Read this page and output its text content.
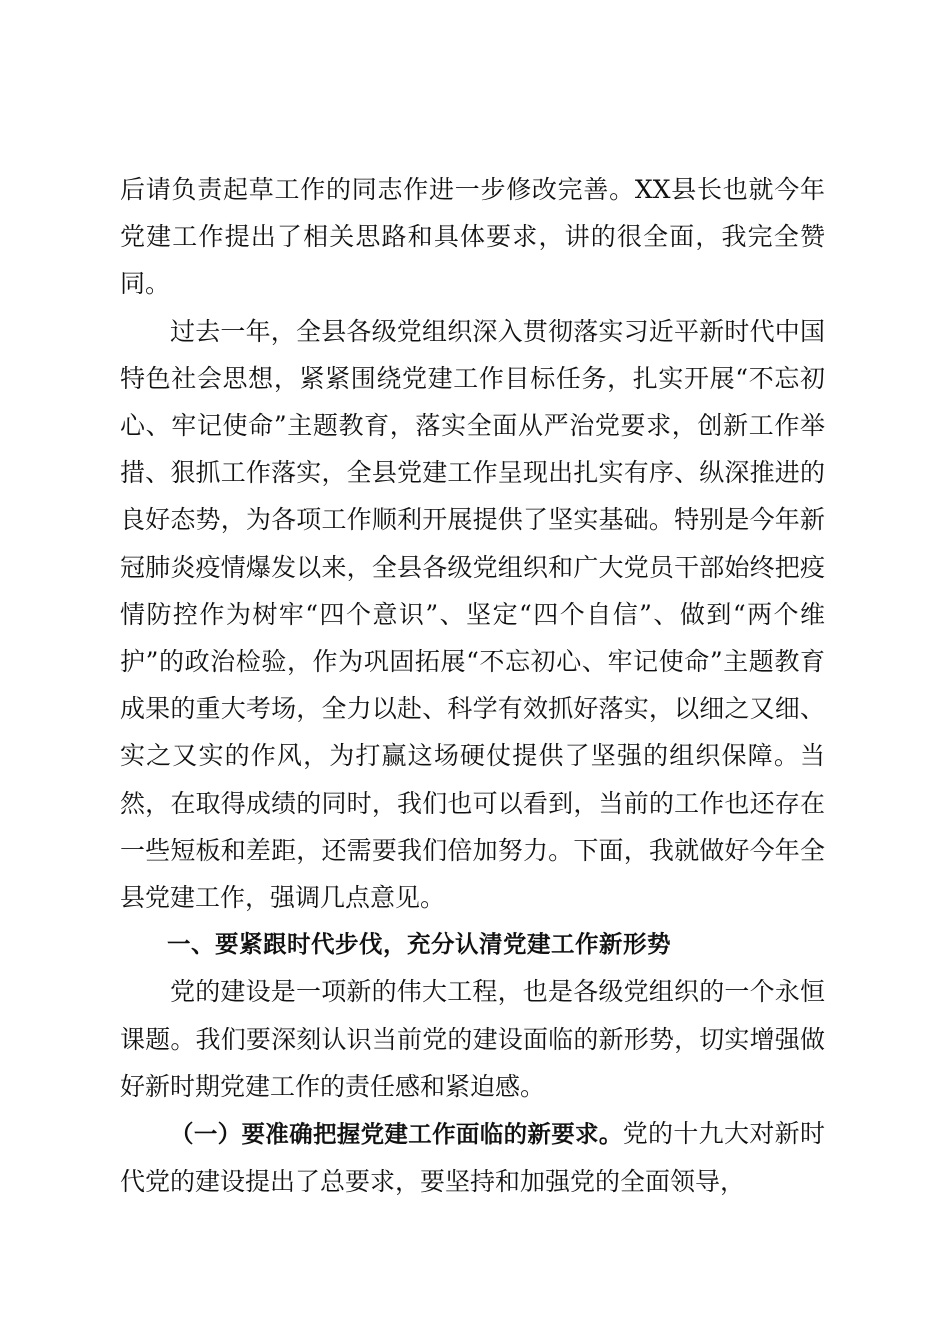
后请负责起草工作的同志作进一步修改完善。XX县长也就今年党建工作提出了相关思路和具体要求，讲的很全面，我完全赞同。

过去一年，全县各级党组织深入贯彻落实习近平新时代中国特色社会思想，紧紧围绕党建工作目标任务，扎实开展“不忘初心、牢记使命”主题教育，落实全面从严治党要求，创新工作举措、狠抓工作落实，全县党建工作呈现出扎实有序、纵深推进的良好态势，为各项工作顺利开展提供了坚实基础。特别是今年新冠肺炎疫情爆发以来，全县各级党组织和广大党员干部始终把疫情防控作为树牢“四个意识”、坚定“四个自信”、做到“两个维护”的政治检验，作为巩固拓展“不忘初心、牢记使命”主题教育成果的重大考场，全力以赴、科学有效抓好落实，以细之又细、实之又实的作风，为打赢这场硬仗提供了坚强的组织保障。当然，在取得成绩的同时，我们也可以看到，当前的工作也还存在一些短板和差距，还需要我们倍加努力。下面，我就做好今年全县党建工作，强调几点意见。

一、要紧跟时代步伐，充分认清党建工作新形势

党的建设是一项新的伟大工程，也是各级党组织的一个永恒课题。我们要深刻认识当前党的建设面临的新形势，切实增强做好新时期党建工作的责任感和紧迫感。

（一）要准确把握党建工作面临的新要求。党的十九大对新时代党的建设提出了总要求，要坚持和加强党的全面领导，
